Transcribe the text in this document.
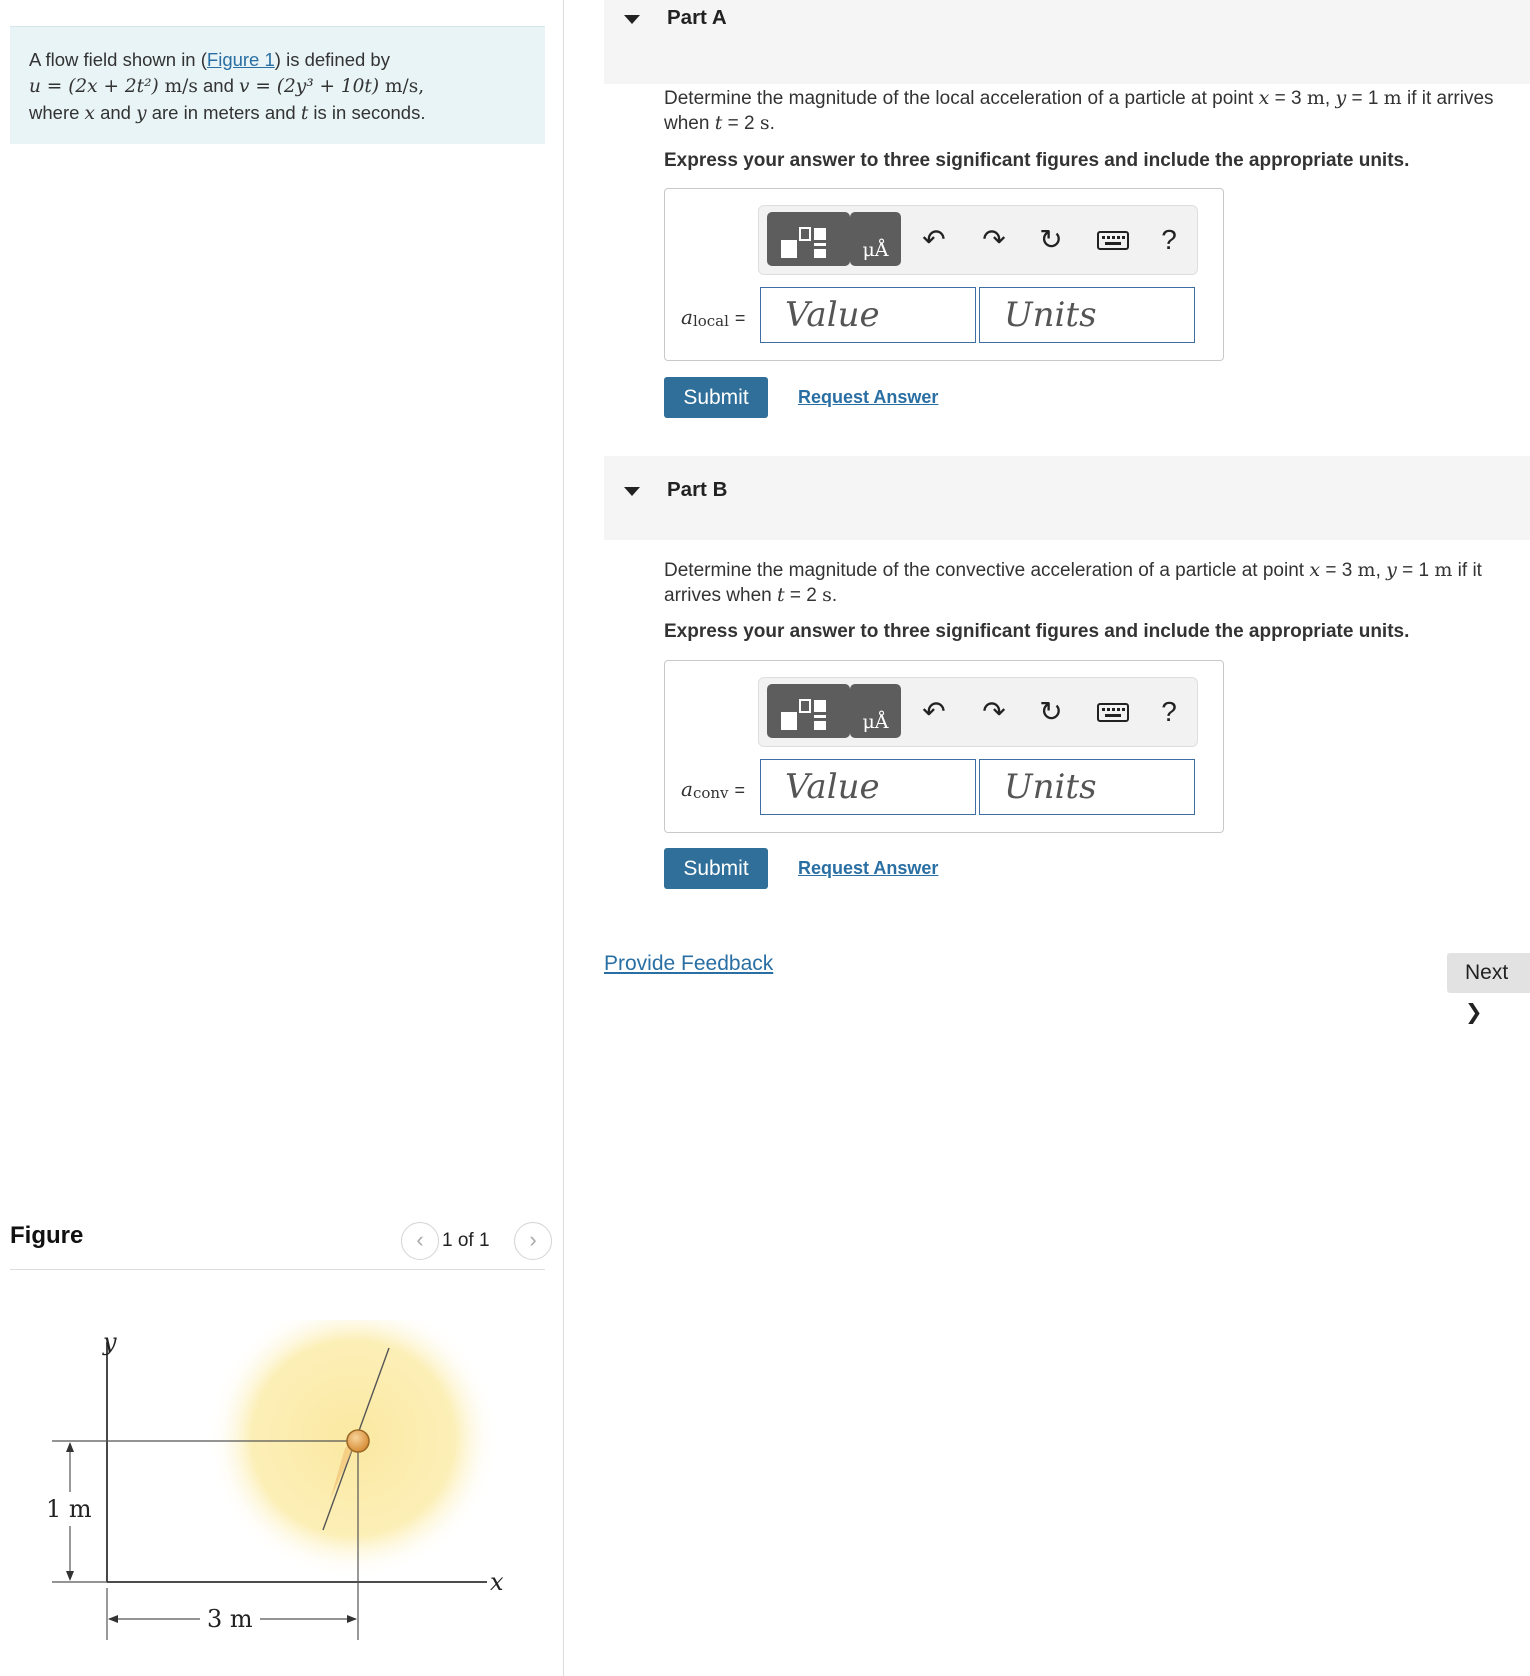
A flow field shown in (Figure 1) is defined by
u = (2x + 2t²) m/s and v = (2y³ + 10t) m/s,
where x and y are in meters and t is in seconds.
Figure	‹ 1 of 1	›
y
x
1 m
3 m
Part A
Determine the magnitude of the local acceleration of a particle at point x = 3 m, y = 1 m if it arrives when t = 2 s.
Express your answer to three significant figures and include the appropriate units.
μÅ	↶ ↷ ↻	?
$a_{local}$ =	Value	Units
Submit	Request Answer
Part B
Determine the magnitude of the convective acceleration of a particle at point x = 3 m, y = 1 m if it arrives when t = 2 s.
Express your answer to three significant figures and include the appropriate units.
μÅ	↶ ↷ ↻	?
$a_{conv}$ =	Value	Units
Submit	Request Answer
Provide Feedback	Next ❯
